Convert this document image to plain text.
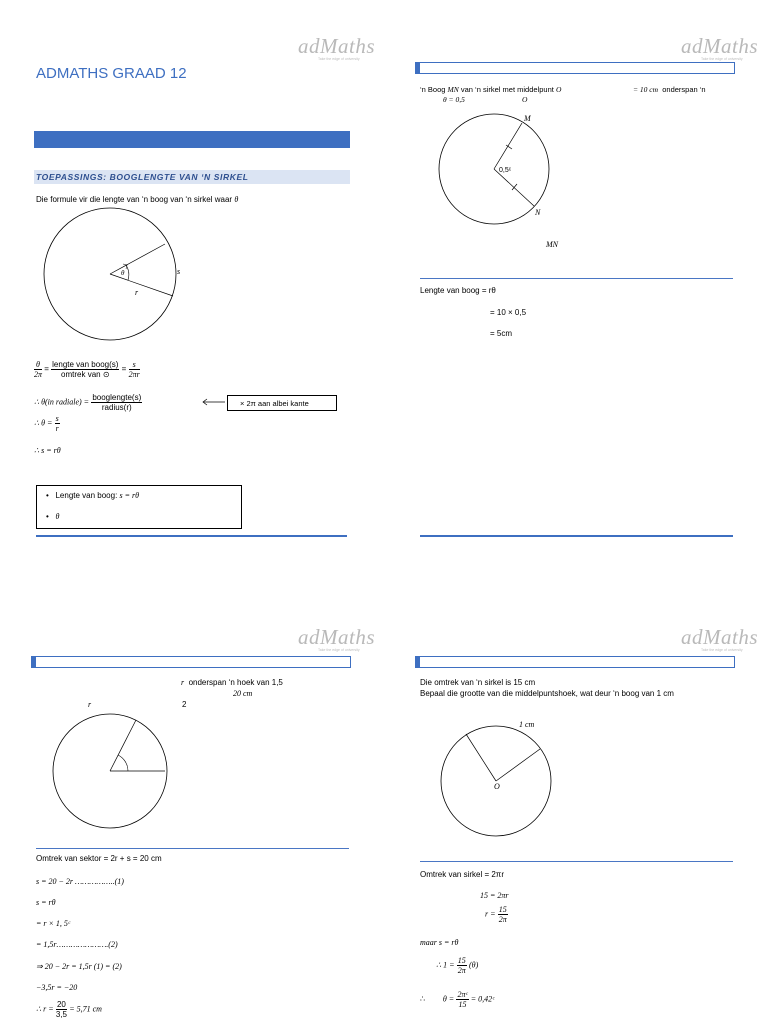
adMaths
Take the edge of university
ADMATHS GRAAD 12
TOEPASSINGS: BOOGLENGTE VAN ‘N SIRKEL
Die formule vir die lengte van ‘n boog van ‘n sirkel waar θ
θ	s
r
$\frac{\theta}{2\pi} = \frac{\text{lengte van boog(s)}}{\text{omtrek van ⊙}} = \frac{s}{2\pi r}$
∴ θ(in radiale) = $\frac{\text{booglengte(s)}}{\text{radius(r)}}$	× 2π aan albei kante
∴ $\theta = \frac{s}{r}$
∴ s = rθ
•   Lengte van boog: s = rθ
•   θ
adMaths
Take the edge of university
‘n Boog MN van ‘n sirkel met middelpunt O	= 10 cm onderspan ‘n
θ = 0,5	O
M
N
0,5ᶜ
MN
Lengte van boog = rθ
= 10 × 0,5
= 5cm
adMaths
Take the edge of university
r onderspan ‘n hoek van 1,5
20 cm
r	2
Omtrek van sektor = 2r + s = 20 cm
s = 20 − 2r ……………..(1)
s = rθ
= r × 1, 5ᶜ
= 1,5r………………….(2)
⇒ 20 − 2r = 1,5r (1) = (2)
−3,5r = −20
∴ $r = \frac{20}{3,5} = 5,71$ cm
adMaths
Take the edge of university
Die omtrek van ‘n sirkel is 15 cm
Bepaal die grootte van die middelpuntshoek, wat deur ‘n boog van 1 cm
1 cm
O
Omtrek van sirkel = 2πr
15 = 2πr
$r = \frac{15}{2\pi}$
maar s = rθ
∴ $1 = \frac{15}{2\pi} (\theta)$
∴ $\theta = \frac{\text{2πᶜ}}{15}$ = 0,42ᶜ
